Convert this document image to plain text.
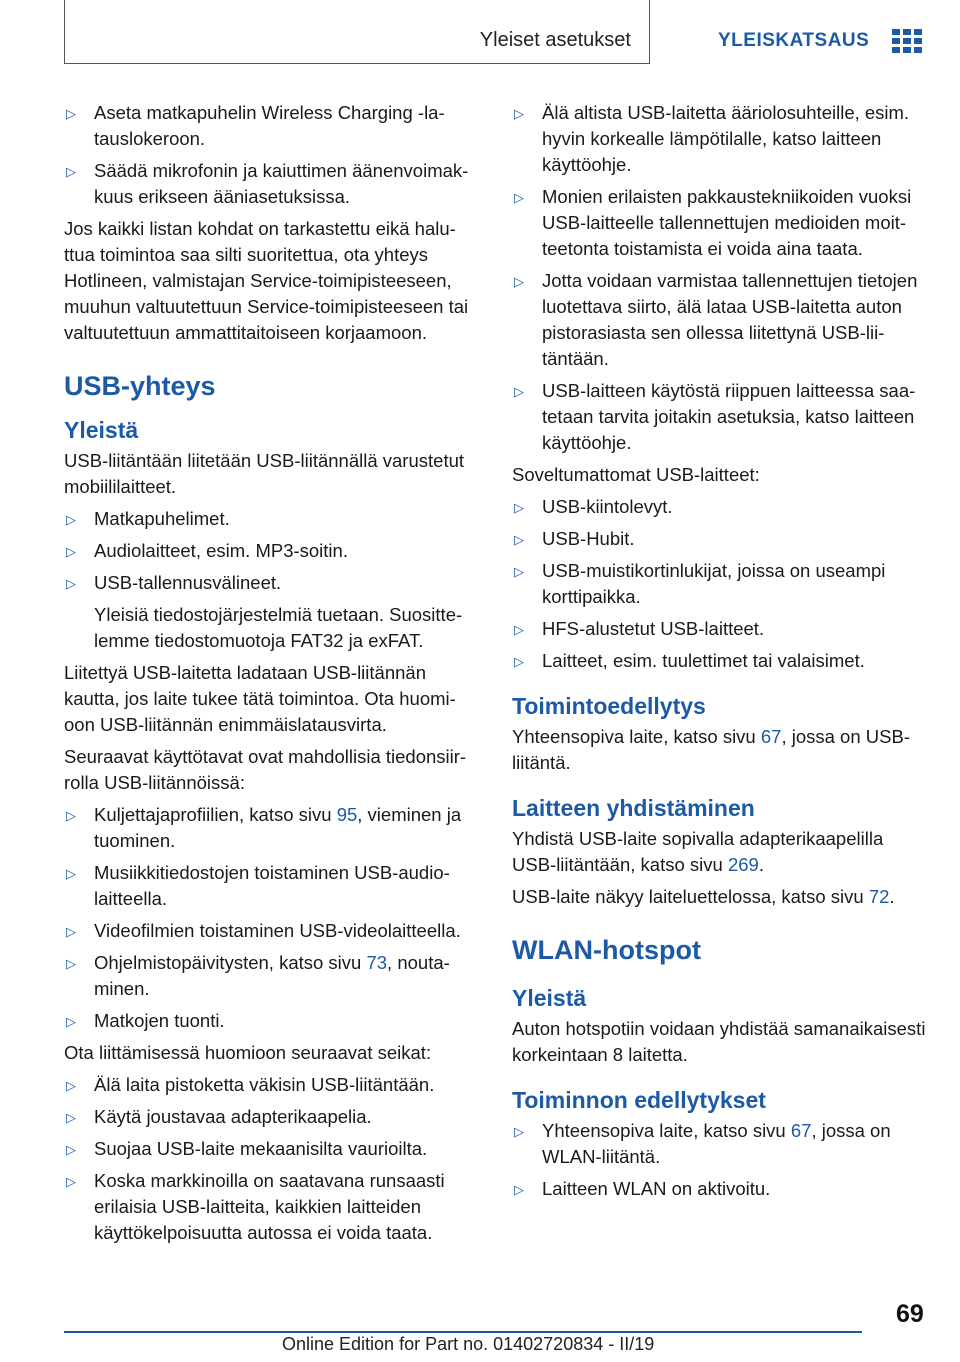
Yleiset asetukset	YLEISKATSAUS
▷ Aseta matkapuhelin Wireless Charging -latauslokeroon.
▷ Säädä mikrofonin ja kaiuttimen äänenvoimakkuus erikseen ääniasetuksissa.

Jos kaikki listan kohdat on tarkastettu eikä haluttua toimintoa saa silti suoritettua, ota yhteys Hotlineen, valmistajan Service-toimipisteeseen, muuhun valtuutettuun Service-toimipisteeseen tai valtuutettuun ammattitaitoiseen korjaamoon.

USB-yhteys
Yleistä

USB-liitäntään liitetään USB-liitännällä varustetut mobiililaitteet.

▷ Matkapuhelimet.
▷ Audiolaitteet, esim. MP3-soitin.
▷ USB-tallennusvälineet.

Yleisiä tiedostojärjestelmiä tuetaan. Suosittelemme tiedostomuotoja FAT32 ja exFAT.

Liitettyä USB-laitetta ladataan USB-liitännän kautta, jos laite tukee tätä toimintoa. Ota huomioon USB-liitännän enimmäislatausvirta.

Seuraavat käyttötavat ovat mahdollisia tiedonsiirrolla USB-liitännöissä:

▷ Kuljettajaprofiilien, katso sivu 95, vieminen ja tuominen.
▷ Musiikkitiedostojen toistaminen USB-audiolaitteella.
▷ Videofilmien toistaminen USB-videolaitteella.
▷ Ohjelmistopäivitysten, katso sivu 73, noutaminen.
▷ Matkojen tuonti.

Ota liittämisessä huomioon seuraavat seikat:

▷ Älä laita pistoketta väkisin USB-liitäntään.
▷ Käytä joustavaa adapterikaapelia.
▷ Suojaa USB-laite mekaanisilta vaurioilta.
▷ Koska markkinoilla on saatavana runsaasti erilaisia USB-laitteita, kaikkien laitteiden käyttökelpoisuutta autossa ei voida taata.
▷ Älä altista USB-laitetta ääriolosuhteille, esim. hyvin korkealle lämpötilalle, katso laitteen käyttöohje.
▷ Monien erilaisten pakkaustekniikoiden vuoksi USB-laitteelle tallennettujen medioiden moitteetonta toistamista ei voida aina taata.
▷ Jotta voidaan varmistaa tallennettujen tietojen luotettava siirto, älä lataa USB-laitetta auton pistorasiasta sen ollessa liitettynä USB-liitäntään.
▷ USB-laitteen käytöstä riippuen laitteessa saatetaan tarvita joitakin asetuksia, katso laitteen käyttöohje.

Soveltumattomat USB-laitteet:

▷ USB-kiintolevyt.
▷ USB-Hubit.
▷ USB-muistikortinlukijat, joissa on useampi korttipaikka.
▷ HFS-alustetut USB-laitteet.
▷ Laitteet, esim. tuulettimet tai valaisimet.
Toimintoedellytys

Yhteensopiva laite, katso sivu 67, jossa on USB-liitäntä.

Laitteen yhdistäminen

Yhdistä USB-laite sopivalla adapterikaapelilla USB-liitäntään, katso sivu 269.

USB-laite näkyy laiteluettelossa, katso sivu 72.

WLAN-hotspot
Yleistä

Auton hotspotiin voidaan yhdistää samanaikaisesti korkeintaan 8 laitetta.

Toiminnon edellytykset
▷ Yhteensopiva laite, katso sivu 67, jossa on WLAN-liitäntä.
▷ Laitteen WLAN on aktivoitu.
69
Online Edition for Part no. 01402720834 - II/19
